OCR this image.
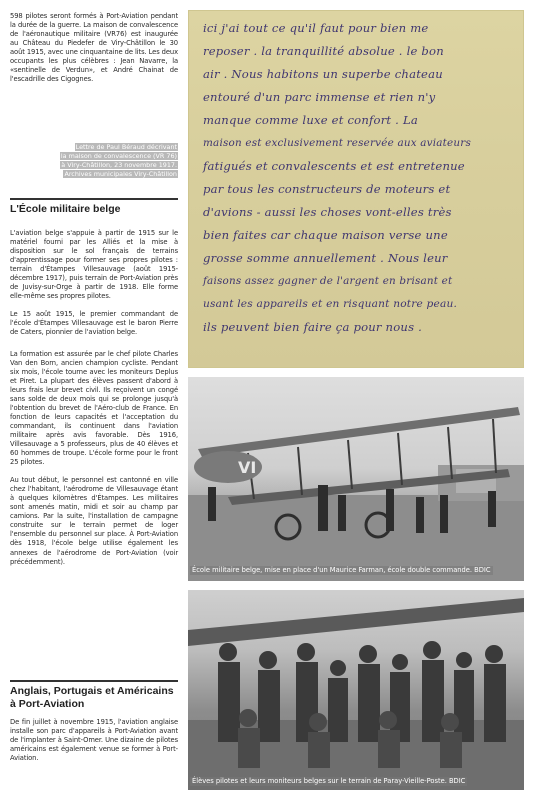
598 pilotes seront formés à Port-Aviation pendant la durée de la guerre. La maison de convalescence de l'aéronautique militaire (VR76) est inaugurée au Château du Piedefer de Viry-Châtillon le 30 août 1915, avec une cinquantaine de lits. Les deux occupants les plus célèbres : Jean Navarre, la «sentinelle de Verdun», et André Chainat de l'escadrille des Cigognes.

Lettre de Paul Béraud décrivant
la maison de convalescence (VR 76)
à Viry-Châtillon, 23 novembre 1917.
Archives municipales Viry-Châtillon
L'École militaire belge

L'aviation belge s'appuie à partir de 1915 sur le matériel fourni par les Alliés et la mise à disposition sur le sol français de terrains d'apprentissage pour former ses propres pilotes : terrain d'Étampes Villesauvage (août 1915-décembre 1917), puis terrain de Port-Aviation près de Juvisy-sur-Orge à partir de 1918. Elle forme elle-même ses propres pilotes.

Le 15 août 1915, le premier commandant de l'école d'Étampes Villesauvage est le baron Pierre de Caters, pionnier de l'aviation belge.

La formation est assurée par le chef pilote Charles Van den Born, ancien champion cycliste. Pendant six mois, l'école tourne avec les moniteurs Deplus et Piret. La plupart des élèves passent d'abord à leurs frais leur brevet civil. Ils reçoivent un congé sans solde de deux mois qui se prolonge jusqu'à l'obtention du brevet de l'Aéro-club de France. En fonction de leurs capacités et l'acceptation du commandant, ils continuent dans l'aviation militaire après avis favorable. Dès 1916, Villesauvage a 5 professeurs, plus de 40 élèves et 60 hommes de troupe. L'école forme pour le front 25 pilotes.

Au tout début, le personnel est cantonné en ville chez l'habitant, l'aérodrome de Villesauvage étant à quelques kilomètres d'Étampes. Les militaires sont amenés matin, midi et soir au champ par camions. Par la suite, l'installation de campagne construite sur le terrain permet de loger l'ensemble du personnel sur place. À Port-Aviation dès 1918, l'école belge utilise également les annexes de l'aérodrome de Port-Aviation (voir précédemment).

Anglais, Portugais et Américains à Port-Aviation

De fin juillet à novembre 1915, l'aviation anglaise installe son parc d'appareils à Port-Aviation avant de l'implanter à Saint-Omer. Une dizaine de pilotes américains est également venue se former à Port-Aviation.

ici j'ai tout ce qu'il faut pour bien me
reposer . la tranquillité absolue . le bon
air . Nous habitons un superbe chateau
entouré d'un parc immense et rien n'y
manque comme luxe et confort . La
maison est exclusivement reservée aux aviateurs
fatigués et convalescents et est entretenue
par tous les constructeurs de moteurs et
d'avions - aussi les choses vont-elles très
bien faites car chaque maison verse une
grosse somme annuellement . Nous leur
faisons assez gagner de l'argent en brisant et
usant les appareils et en risquant notre peau.
ils peuvent bien faire ça pour nous .
VI
École militaire belge, mise en place d'un Maurice Farman, école double commande. BDIC
Élèves pilotes et leurs moniteurs belges sur le terrain de Paray-Vieille-Poste. BDIC
